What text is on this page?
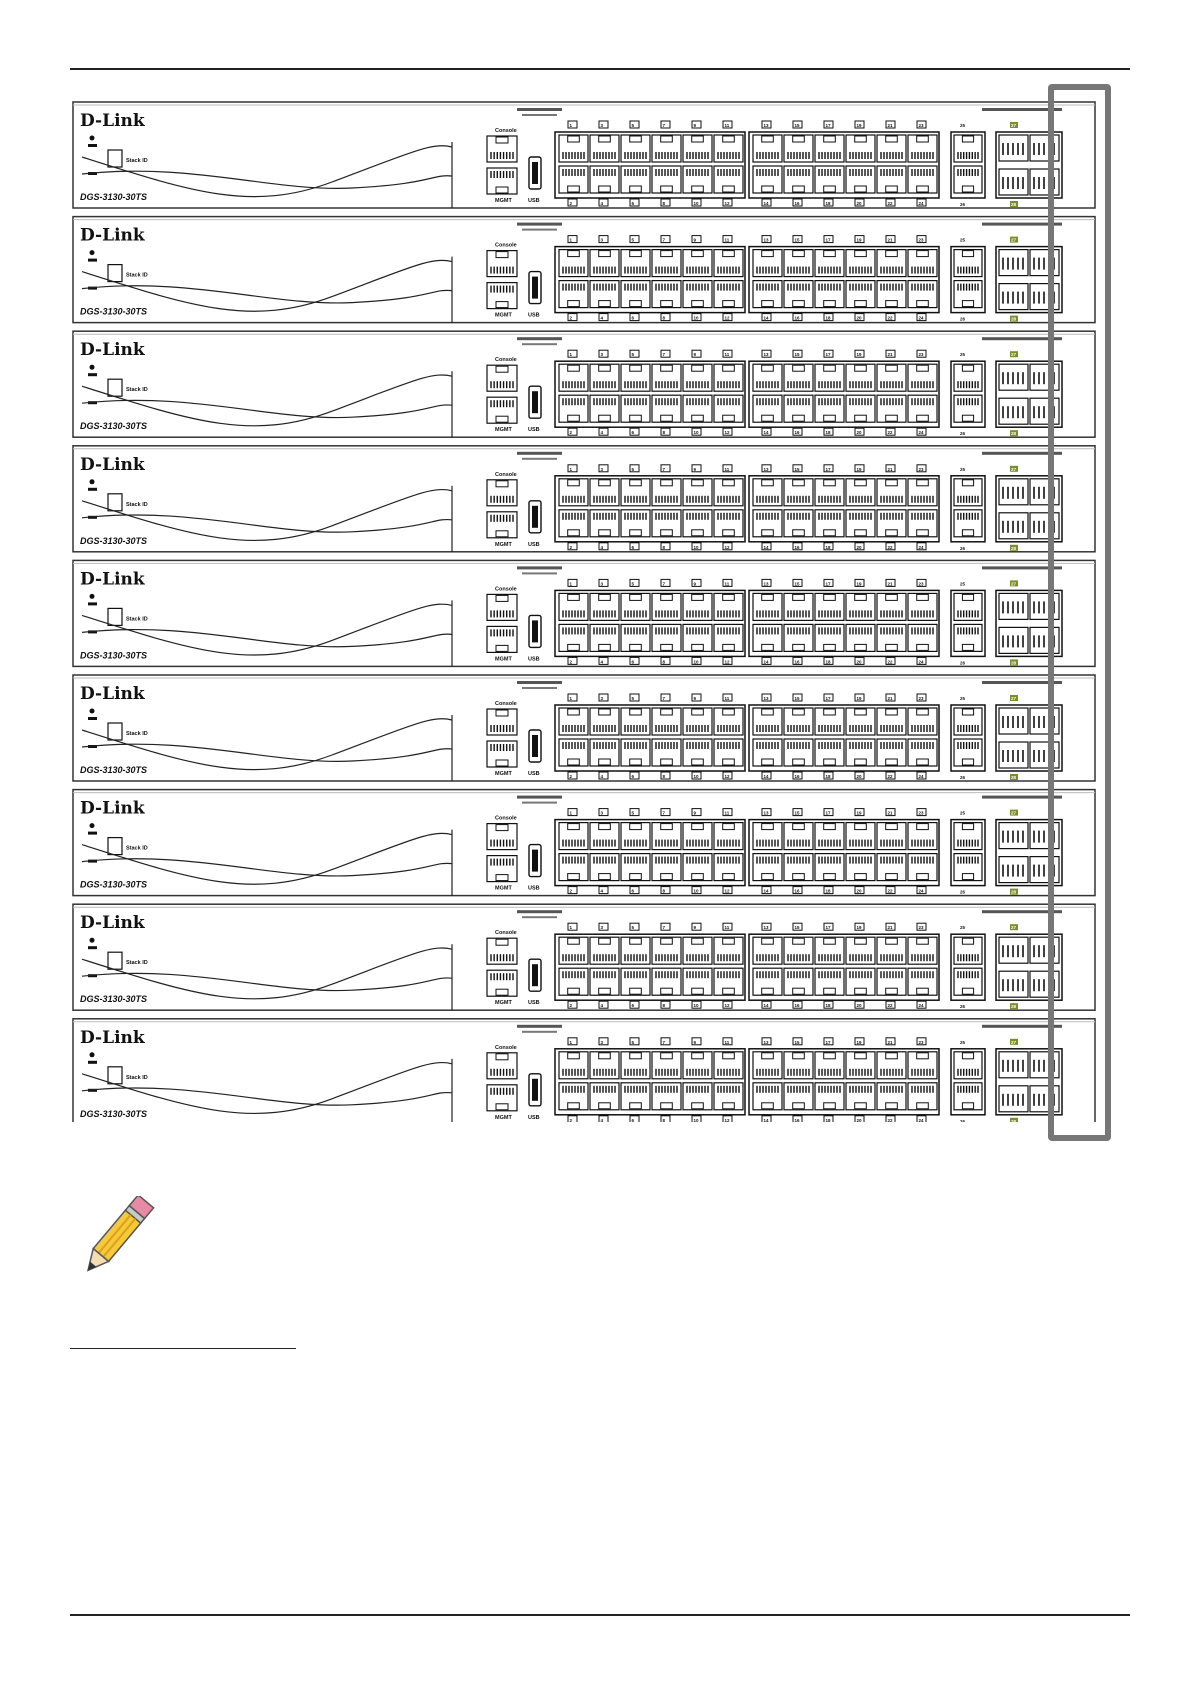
D-Link
DGS-3130-30TS
Stack ID
Console
MGMT	USB
1
2
3
4
5
6
7
8
9
10
11
12
13
14
15
16
17
18
19
20
21
22
23
24
25
26
27
28
D-Link
DGS-3130-30TS
Stack ID
Console
MGMT	USB
1
2
3
4
5
6
7
8
9
10
11
12
13
14
15
16
17
18
19
20
21
22
23
24
25
26
27
28
D-Link
DGS-3130-30TS
Stack ID
Console
MGMT	USB
1
2
3
4
5
6
7
8
9
10
11
12
13
14
15
16
17
18
19
20
21
22
23
24
25
26
27
28
D-Link
DGS-3130-30TS
Stack ID
Console
MGMT	USB
1
2
3
4
5
6
7
8
9
10
11
12
13
14
15
16
17
18
19
20
21
22
23
24
25
26
27
28
D-Link
DGS-3130-30TS
Stack ID
Console
MGMT	USB
1
2
3
4
5
6
7
8
9
10
11
12
13
14
15
16
17
18
19
20
21
22
23
24
25
26
27
28
D-Link
DGS-3130-30TS
Stack ID
Console
MGMT	USB
1
2
3
4
5
6
7
8
9
10
11
12
13
14
15
16
17
18
19
20
21
22
23
24
25
26
27
28
D-Link
DGS-3130-30TS
Stack ID
Console
MGMT	USB
1
2
3
4
5
6
7
8
9
10
11
12
13
14
15
16
17
18
19
20
21
22
23
24
25
26
27
28
D-Link
DGS-3130-30TS
Stack ID
Console
MGMT	USB
1
2
3
4
5
6
7
8
9
10
11
12
13
14
15
16
17
18
19
20
21
22
23
24
25
26
27
28
D-Link
DGS-3130-30TS
Stack ID
Console
MGMT	USB
1
2
3
4
5
6
7
8
9
10
11
12
13
14
15
16
17
18
19
20
21
22
23
24
25
26
27
28
